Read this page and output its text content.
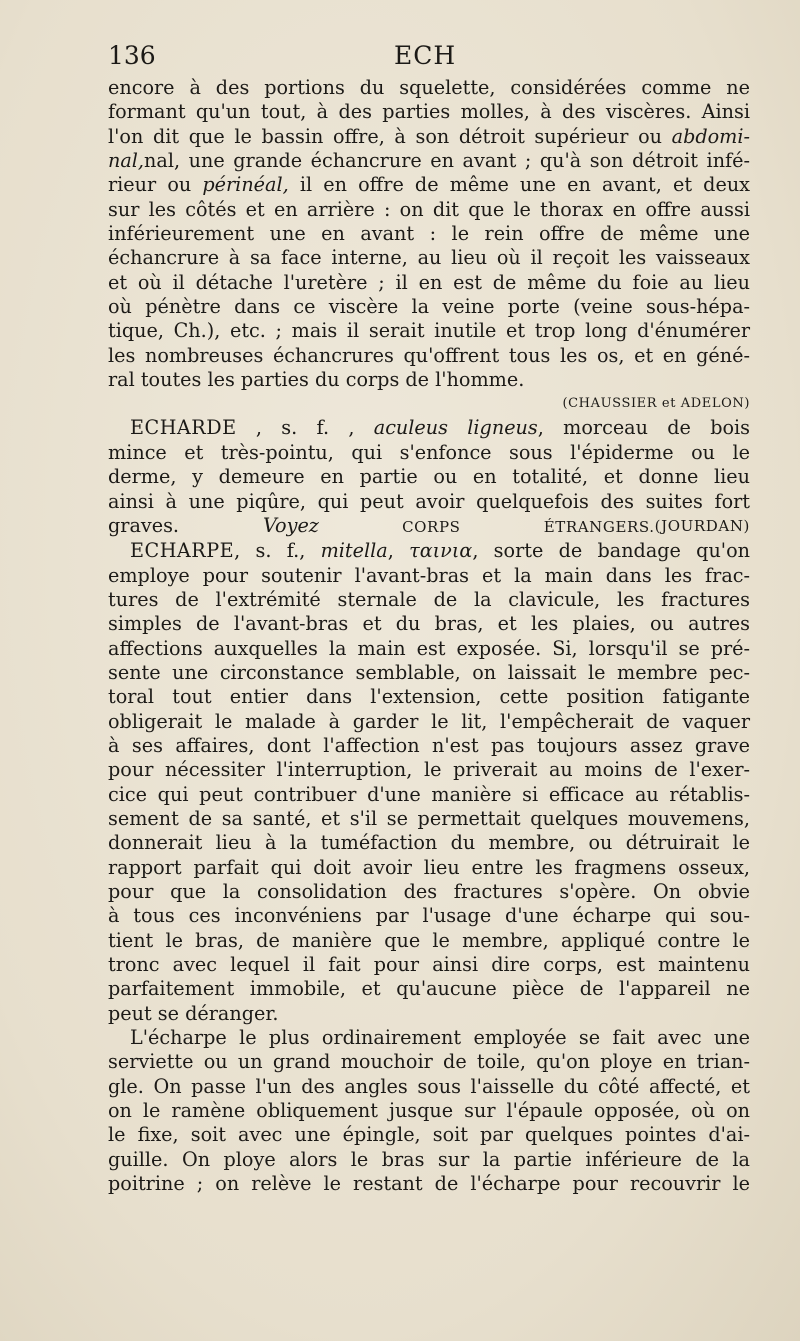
136	ECH
encore à des portions du squelette, considérées comme ne
formant qu'un tout, à des parties molles, à des viscères. Ainsi
l'on dit que le bassin offre, à son détroit supérieur ou abdomi-
nal,nal, une grande échancrure en avant ; qu'à son détroit infé-
rieur ou périnéal, il en offre de même une en avant, et deux
sur les côtés et en arrière : on dit que le thorax en offre aussi
inférieurement une en avant : le rein offre de même une
échancrure à sa face interne, au lieu où il reçoit les vaisseaux
et où il détache l'uretère ; il en est de même du foie au lieu
où pénètre dans ce viscère la veine porte (veine sous-hépa-
tique, Ch.), etc. ; mais il serait inutile et trop long d'énumérer
les nombreuses échancrures qu'offrent tous les os, et en géné-
ral toutes les parties du corps de l'homme.
(CHAUSSIER et ADELON)
ECHARDE , s. f. , aculeus ligneus, morceau de bois
mince et très-pointu, qui s'enfonce sous l'épiderme ou le
derme, y demeure en partie ou en totalité, et donne lieu
ainsi à une piqûre, qui peut avoir quelquefois des suites fort
graves. Voyez CORPS ÉTRANGERS. (JOURDAN)
ECHARPE, s. f., mitella, ταινια, sorte de bandage qu'on
employe pour soutenir l'avant-bras et la main dans les frac-
tures de l'extrémité sternale de la clavicule, les fractures
simples de l'avant-bras et du bras, et les plaies, ou autres
affections auxquelles la main est exposée. Si, lorsqu'il se pré-
sente une circonstance semblable, on laissait le membre pec-
toral tout entier dans l'extension, cette position fatigante
obligerait le malade à garder le lit, l'empêcherait de vaquer
à ses affaires, dont l'affection n'est pas toujours assez grave
pour nécessiter l'interruption, le priverait au moins de l'exer-
cice qui peut contribuer d'une manière si efficace au rétablis-
sement de sa santé, et s'il se permettait quelques mouvemens,
donnerait lieu à la tuméfaction du membre, ou détruirait le
rapport parfait qui doit avoir lieu entre les fragmens osseux,
pour que la consolidation des fractures s'opère. On obvie
à tous ces inconvéniens par l'usage d'une écharpe qui sou-
tient le bras, de manière que le membre, appliqué contre le
tronc avec lequel il fait pour ainsi dire corps, est maintenu
parfaitement immobile, et qu'aucune pièce de l'appareil ne
peut se déranger.
L'écharpe le plus ordinairement employée se fait avec une
serviette ou un grand mouchoir de toile, qu'on ploye en trian-
gle. On passe l'un des angles sous l'aisselle du côté affecté, et
on le ramène obliquement jusque sur l'épaule opposée, où on
le fixe, soit avec une épingle, soit par quelques pointes d'ai-
guille. On ploye alors le bras sur la partie inférieure de la
poitrine ; on relève le restant de l'écharpe pour recouvrir le
